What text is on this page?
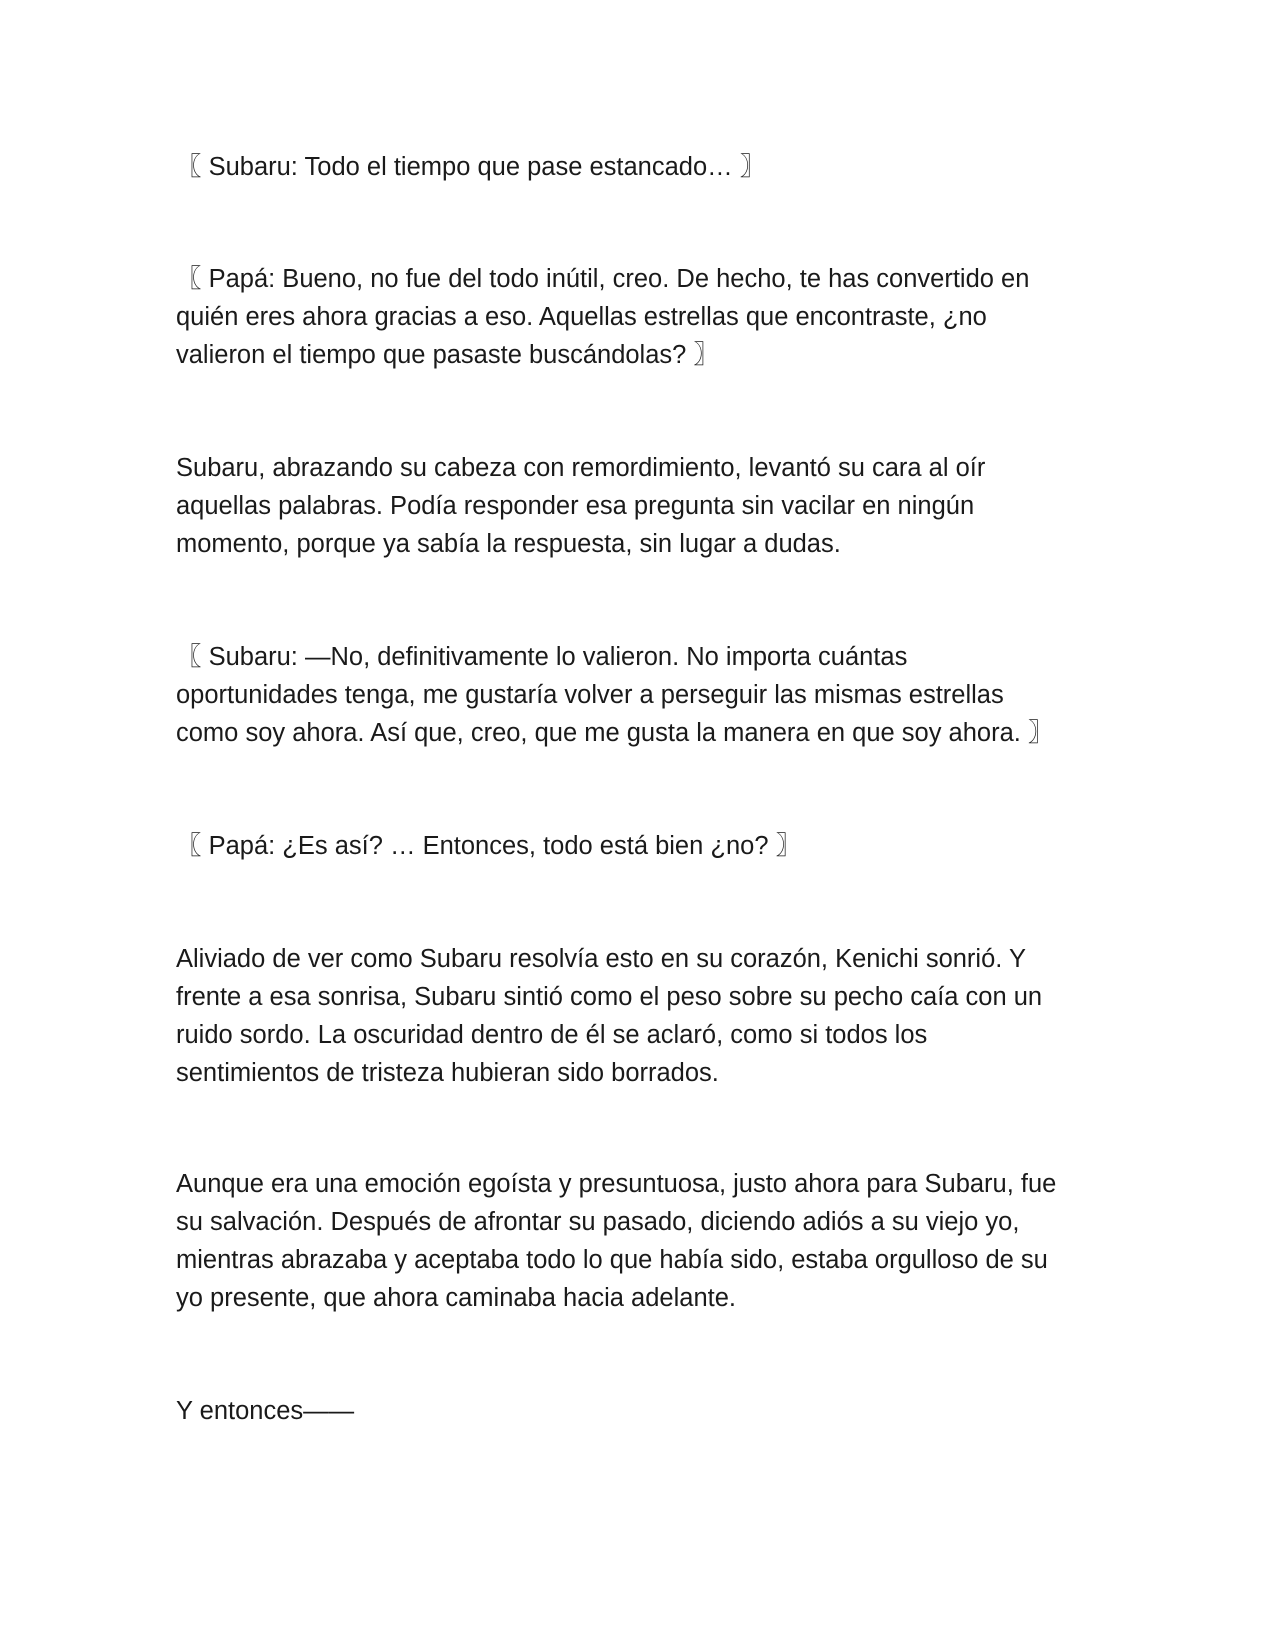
〖 Subaru: Todo el tiempo que pase estancado… 〗

〖 Papá: Bueno, no fue del todo inútil, creo. De hecho, te has convertido en
quién eres ahora gracias a eso. Aquellas estrellas que encontraste, ¿no
valieron el tiempo que pasaste buscándolas? 〗

Subaru, abrazando su cabeza con remordimiento, levantó su cara al oír
aquellas palabras. Podía responder esa pregunta sin vacilar en ningún
momento, porque ya sabía la respuesta, sin lugar a dudas.

〖 Subaru: —No, definitivamente lo valieron. No importa cuántas
oportunidades tenga, me gustaría volver a perseguir las mismas estrellas
como soy ahora. Así que, creo, que me gusta la manera en que soy ahora. 〗

〖 Papá: ¿Es así? … Entonces, todo está bien ¿no? 〗

Aliviado de ver como Subaru resolvía esto en su corazón, Kenichi sonrió. Y
frente a esa sonrisa, Subaru sintió como el peso sobre su pecho caía con un
ruido sordo. La oscuridad dentro de él se aclaró, como si todos los
sentimientos de tristeza hubieran sido borrados.

Aunque era una emoción egoísta y presuntuosa, justo ahora para Subaru, fue
su salvación. Después de afrontar su pasado, diciendo adiós a su viejo yo,
mientras abrazaba y aceptaba todo lo que había sido, estaba orgulloso de su
yo presente, que ahora caminaba hacia adelante.

Y entonces——
